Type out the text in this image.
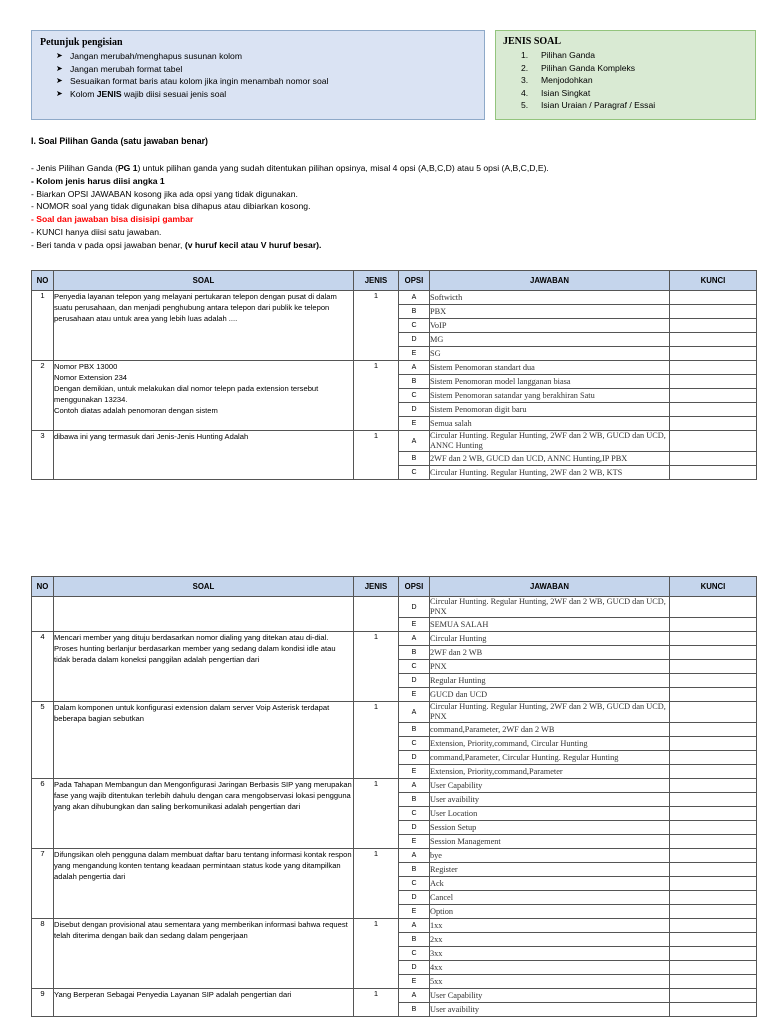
Petunjuk pengisian
➤ Jangan merubah/menghapus susunan kolom
➤ Jangan merubah format tabel
➤ Sesuaikan format baris atau kolom jika ingin menambah nomor soal
➤ Kolom JENIS wajib diisi sesuai jenis soal
JENIS SOAL
1. Pilihan Ganda
2. Pilihan Ganda Kompleks
3. Menjodohkan
4. Isian Singkat
5. Isian Uraian / Paragraf / Essai
I. Soal Pilihan Ganda (satu jawaban benar)
- Jenis Pilihan Ganda (PG 1) untuk pilihan ganda yang sudah ditentukan pilihan opsinya, misal 4 opsi (A,B,C,D) atau 5 opsi (A,B,C,D,E).
- Kolom jenis harus diisi angka 1
- Biarkan OPSI JAWABAN kosong jika ada opsi yang tidak digunakan.
- NOMOR soal yang tidak digunakan bisa dihapus atau dibiarkan kosong.
- Soal dan jawaban bisa disisipi gambar
- KUNCI hanya diisi satu jawaban.
- Beri tanda v pada opsi jawaban benar, (v huruf kecil atau V huruf besar).
NO	SOAL	JENIS	OPSI	JAWABAN	KUNCI
1	Penyedia layanan telepon yang melayani pertukaran telepon dengan pusat di dalam suatu perusahaan, dan menjadi penghubung antara telepon dari publik ke telepon perusahaan atau untuk area yang lebih luas adalah ....	1	A	Softwicth	
			B	PBX	
			C	VoIP	
			D	MG	
			E	SG	
2	Nomor PBX 13000
Nomor Extension 234
Dengan demikian, untuk melakukan dial nomor telepn pada extension tersebut menggunakan 13234.
Contoh diatas adalah penomoran dengan sistem	1	A	Sistem Penomoran standart dua	
			B	Sistem Penomoran model langganan biasa	
			C	Sistem Penomoran satandar yang berakhiran Satu	
			D	Sistem Penomoran digit baru	
			E	Semua salah	
3	dibawa ini yang termasuk dari Jenis-Jenis Hunting Adalah	1	A	Circular Hunting. Regular Hunting, 2WF dan 2 WB, GUCD dan UCD, ANNC Hunting	
			B	2WF dan 2 WB, GUCD dan UCD, ANNC Hunting,IP PBX	
			C	Circular Hunting. Regular Hunting, 2WF dan 2 WB, KTS	
NO	SOAL	JENIS	OPSI	JAWABAN	KUNCI
			D	Circular Hunting. Regular Hunting, 2WF dan 2 WB, GUCD dan UCD, PNX	
			E	SEMUA SALAH	
4	Mencari member yang dituju berdasarkan nomor dialing yang ditekan atau di-dial. Proses hunting berlanjur berdasarkan member yang sedang dalam kondisi idle atau tidak berada dalam koneksi panggilan adalah pengertian dari	1	A	Circular Hunting	
			B	2WF dan 2 WB	
			C	PNX	
			D	Regular Hunting	
			E	GUCD dan UCD	
5	Dalam komponen untuk konfigurasi extension dalam server Voip Asterisk terdapat beberapa bagian sebutkan	1	A	Circular Hunting. Regular Hunting, 2WF dan 2 WB, GUCD dan UCD, PNX	
			B	command,Parameter, 2WF dan 2 WB	
			C	Extension, Priority,command, Circular Hunting	
			D	command,Parameter, Circular Hunting. Regular Hunting	
			E	Extension, Priority,command,Parameter	
6	Pada Tahapan Membangun dan Mengonfigurasi Jaringan Berbasis SIP yang merupakan fase yang wajib ditentukan terlebih dahulu dengan cara mengobservasi lokasi pengguna yang akan dihubungkan dan saling berkomunikasi adalah pengertian dari	1	A	User Capability	
			B	User avaibility	
			C	User Location	
			D	Session Setup	
			E	Session Management	
7	Difungsikan oleh pengguna dalam membuat daftar baru tentang informasi kontak respon yang mengandung konten tentang keadaan permintaan status kode yang ditampilkan adalah pengertia dari	1	A	bye	
			B	Register	
			C	Ack	
			D	Cancel	
			E	Option	
8	Disebut dengan provisional atau sementara yang memberikan informasi bahwa request telah diterima dengan baik dan sedang dalam pengerjaan	1	A	1xx	
			B	2xx	
			C	3xx	
			D	4xx	
			E	5xx	
9	Yang Berperan Sebagai Penyedia Layanan SIP adalah pengertian dari	1	A	User Capability	
			B	User avaibility	
